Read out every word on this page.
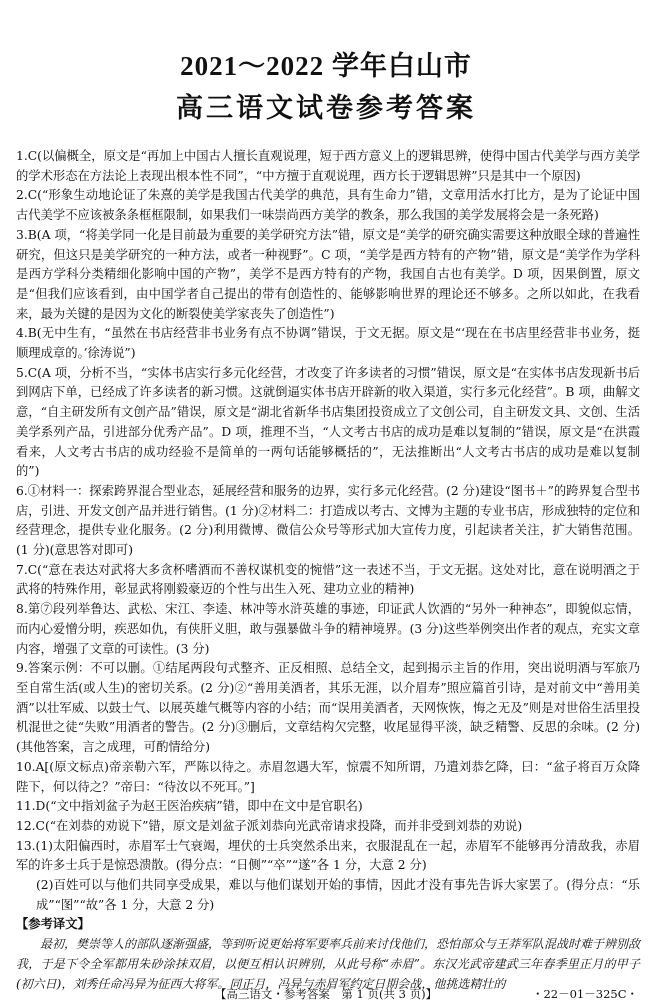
2021～2022 学年白山市
高三语文试卷参考答案

1.C(以偏概全，原文是“再加上中国古人擅长直观说理，短于西方意义上的逻辑思辨，使得中国古代美学与西方美学的学术形态在方法论上表现出根本性不同”，“中方擅于直观说理，西方长于逻辑思辨”只是其中一个原因)

2.C(“形象生动地论证了朱熹的美学是我国古代美学的典范，具有生命力”错，文章用活水打比方，是为了论证中国古代美学不应该被条条框框限制，如果我们一味崇尚西方美学的教条，那么我国的美学发展将会是一条死路)

3.B(A 项，“将美学同一化是目前最为重要的美学研究方法”错，原文是“美学的研究确实需要这种放眼全球的普遍性研究，但这只是美学研究的一种方法，或者一种视野”。C 项，“美学是西方特有的产物”错，原文是“美学作为学科是西方学科分类精细化影响中国的产物”，美学不是西方特有的产物，我国自古也有美学。D 项，因果倒置，原文是“但我们应该看到，由中国学者自己提出的带有创造性的、能够影响世界的理论还不够多。之所以如此，在我看来，最为关键的是因为文化的断裂使美学家丧失了创造性”)

4.B(无中生有，“虽然在书店经营非书业务有点不协调”错误，于文无据。原文是“‘现在在书店里经营非书业务，挺顺理成章的。’徐涛说”)

5.C(A 项，分析不当，“实体书店实行多元化经营，才改变了许多读者的习惯”错误，原文是“在实体书店发现新书后到网店下单，已经成了许多读者的新习惯。这就倒逼实体书店开辟新的收入渠道，实行多元化经营”。B 项，曲解文意，“自主研发所有文创产品”错误，原文是“湖北省新华书店集团投资成立了文创公司，自主研发文具、文创、生活美学系列产品，引进部分优秀产品”。D 项，推理不当，“人文考古书店的成功是难以复制的”错误，原文是“在洪霞看来，人文考古书店的成功经验不是简单的一两句话能够概括的”，无法推断出“人文考古书店的成功是难以复制的”)

6.①材料一：探索跨界混合型业态，延展经营和服务的边界，实行多元化经营。(2 分)建设“图书＋”的跨界复合型书店，引进、开发文创产品并进行销售。(1 分)②材料二：打造成以考古、文博为主题的专业书店，形成独特的定位和经营理念，提供专业化服务。(2 分)利用微博、微信公众号等形式加大宣传力度，引起读者关注，扩大销售范围。(1 分)(意思答对即可)

7.C(“意在表达对武将大多贪杯嗜酒而不善权谋机变的惋惜”这一表述不当，于文无据。这处对比，意在说明酒之于武将的特殊作用，彰显武将刚毅豪迈的个性与出生入死、建功立业的精神)

8.第⑦段列举鲁达、武松、宋江、李逵、林冲等水浒英雄的事迹，印证武人饮酒的“另外一种神态”，即貌似忘情，而内心爱憎分明，疾恶如仇，有侠肝义胆，敢与强暴做斗争的精神境界。(3 分)这些举例突出作者的观点，充实文章内容，增强了文章的可读性。(3 分)

9.答案示例：不可以删。①结尾两段句式整齐、正反相照、总结全文，起到揭示主旨的作用，突出说明酒与军旅乃至自常生活(或人生)的密切关系。(2 分)②“善用美酒者，其乐无涯，以介眉寿”照应篇首引诗，是对前文中“善用美酒”以壮军威、以鼓士气、以展英雄气概等内容的小结；而“误用美酒者，天网恢恢，悔之无及”则是对世俗生活里投机混世之徒“失败”用酒者的警告。(2 分)③删后，文章结构欠完整，收尾显得平淡，缺乏精警、反思的余味。(2 分)(其他答案，言之成理，可酌情给分)

10.A[(原文标点)帝亲勒六军，严陈以待之。赤眉忽遇大军，惊震不知所谓，乃遣刘恭乞降，曰：“盆子将百万众降陛下，何以待之？”帝曰：“待汝以不死耳。”]

11.D(“文中指刘盆子为赵王医治疾病”错，即中在文中是官职名)

12.C(“在刘恭的劝说下”错，原文是刘盆子派刘恭向光武帝请求投降，而并非受到刘恭的劝说)

13.(1)太阳偏西时，赤眉军士气衰竭，埋伏的士兵突然杀出来，衣服混乱在一起，赤眉军不能够再分清敌我，赤眉军的许多士兵于是惊恐溃散。(得分点：“日侧”“卒”“遂”各 1 分，大意 2 分)

(2)百姓可以与他们共同享受成果，难以与他们谋划开始的事情，因此才没有事先告诉大家罢了。(得分点：“乐成”“图”“故”各 1 分，大意 2 分)

【参考译文】

最初，樊崇等人的部队逐渐强盛，等到听说更始将军要率兵前来讨伐他们，恐怕部众与王莽军队混战时难于辨别敌我，于是下令全军都用朱砂涂抹双眉，以便互相认识辨别，从此号称“赤眉”。东汉光武帝建武三年春季里正月的甲子(初六日)，刘秀任命冯异为征西大将军。同正月，冯异与赤眉军约定日期会战，他挑选精壮的

【高三语文・参考答案　第 1 页(共 3 页)】	・22－01－325C・
